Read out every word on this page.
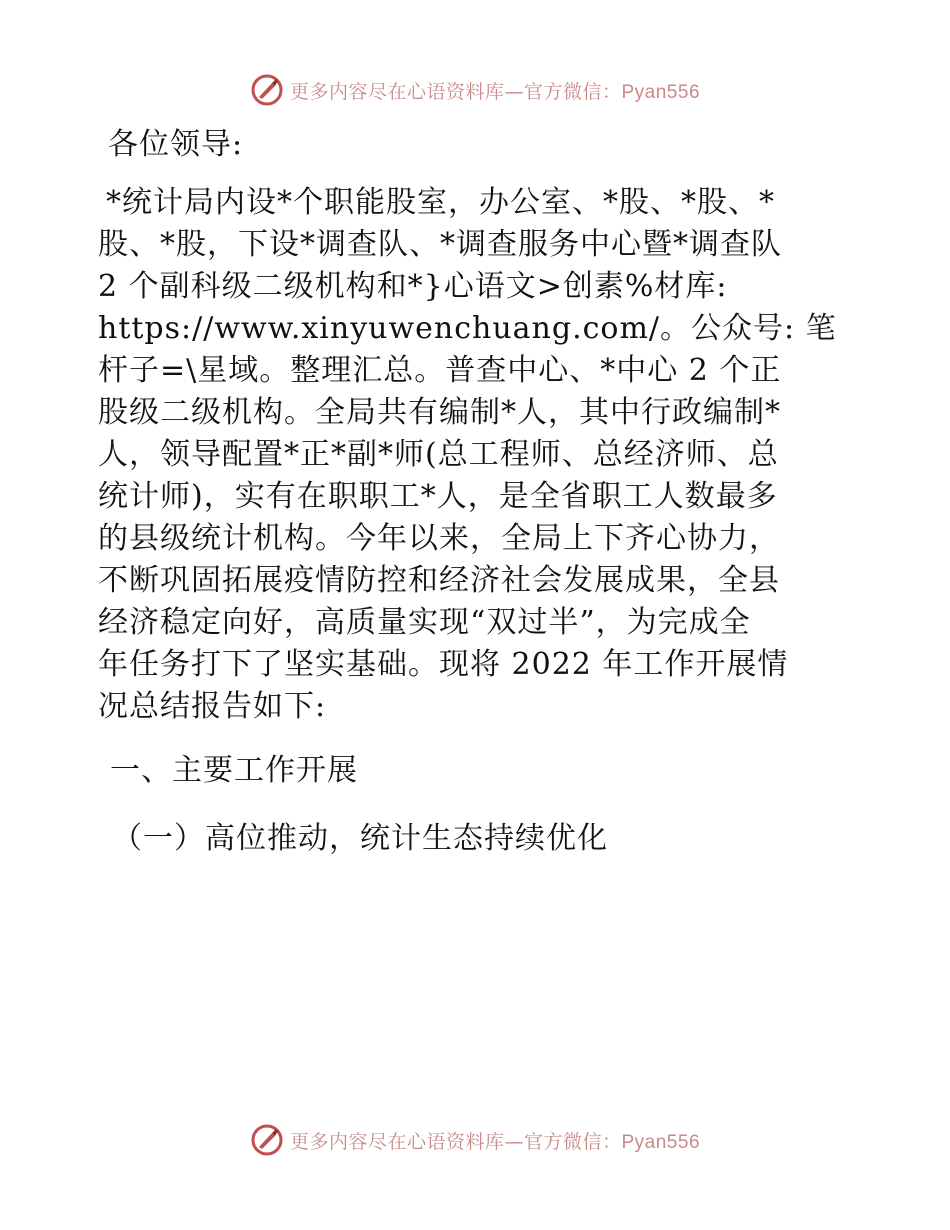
更多内容尽在心语资料库—官方微信：Pyan556

各位领导:

*统计局内设*个职能股室，办公室、*股、*股、*

股、*股，下设*调查队、*调查服务中心暨*调查队

2 个副科级二级机构和*}心语文>创素%材库:

https://www.xinyuwenchuang.com/。公众号: 笔

杆子=\星域。整理汇总。普查中心、*中心 2 个正

股级二级机构。全局共有编制*人，其中行政编制*

人，领导配置*正*副*师(总工程师、总经济师、总

统计师)，实有在职职工*人，是全省职工人数最多

的县级统计机构。今年以来，全局上下齐心协力，

不断巩固拓展疫情防控和经济社会发展成果，全县

经济稳定向好，高质量实现“双过半”，为完成全

年任务打下了坚实基础。现将 2022 年工作开展情

况总结报告如下:

一、主要工作开展

（一）高位推动，统计生态持续优化

更多内容尽在心语资料库—官方微信：Pyan556
